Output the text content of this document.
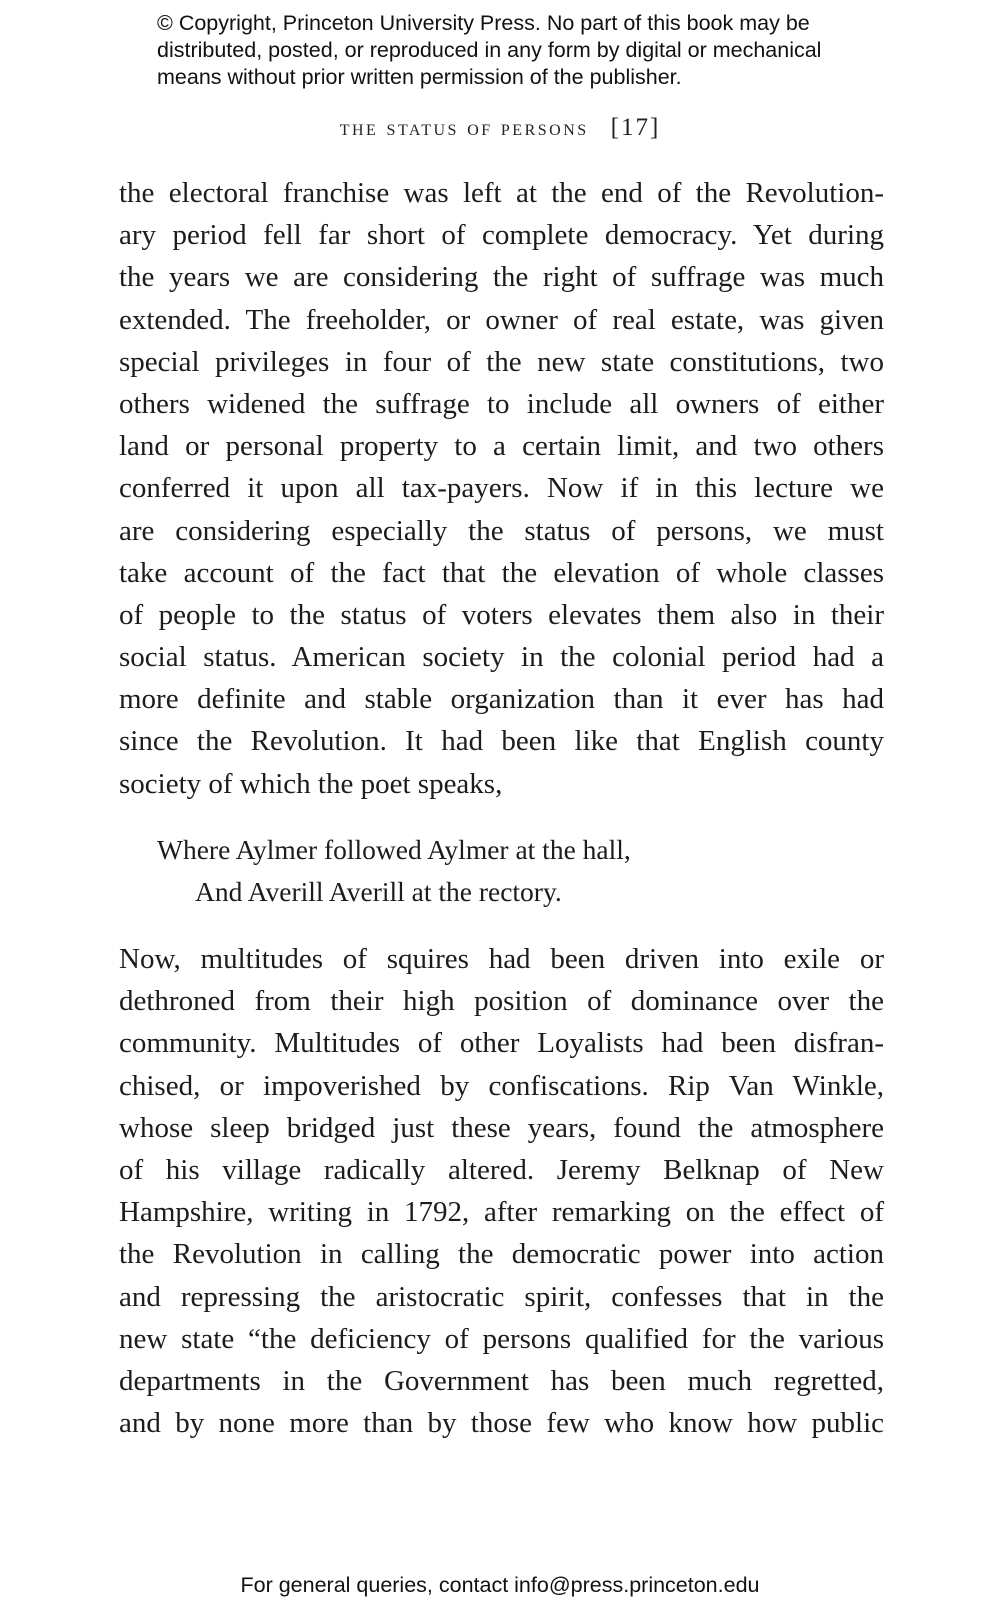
© Copyright, Princeton University Press. No part of this book may be
distributed, posted, or reproduced in any form by digital or mechanical
means without prior written permission of the publisher.
the status of persons [17]
the electoral franchise was left at the end of the Revolution-
ary period fell far short of complete democracy. Yet during
the years we are considering the right of suffrage was much
extended. The freeholder, or owner of real estate, was given
special privileges in four of the new state constitutions, two
others widened the suffrage to include all owners of either
land or personal property to a certain limit, and two others
conferred it upon all tax-payers. Now if in this lecture we
are considering especially the status of persons, we must
take account of the fact that the elevation of whole classes
of people to the status of voters elevates them also in their
social status. American society in the colonial period had a
more definite and stable organization than it ever has had
since the Revolution. It had been like that English county
society of which the poet speaks,
Where Aylmer followed Aylmer at the hall,
And Averill Averill at the rectory.
Now, multitudes of squires had been driven into exile or
dethroned from their high position of dominance over the
community. Multitudes of other Loyalists had been disfran-
chised, or impoverished by confiscations. Rip Van Winkle,
whose sleep bridged just these years, found the atmosphere
of his village radically altered. Jeremy Belknap of New
Hampshire, writing in 1792, after remarking on the effect of
the Revolution in calling the democratic power into action
and repressing the aristocratic spirit, confesses that in the
new state “the deficiency of persons qualified for the various
departments in the Government has been much regretted,
and by none more than by those few who know how public
For general queries, contact info@press.princeton.edu
